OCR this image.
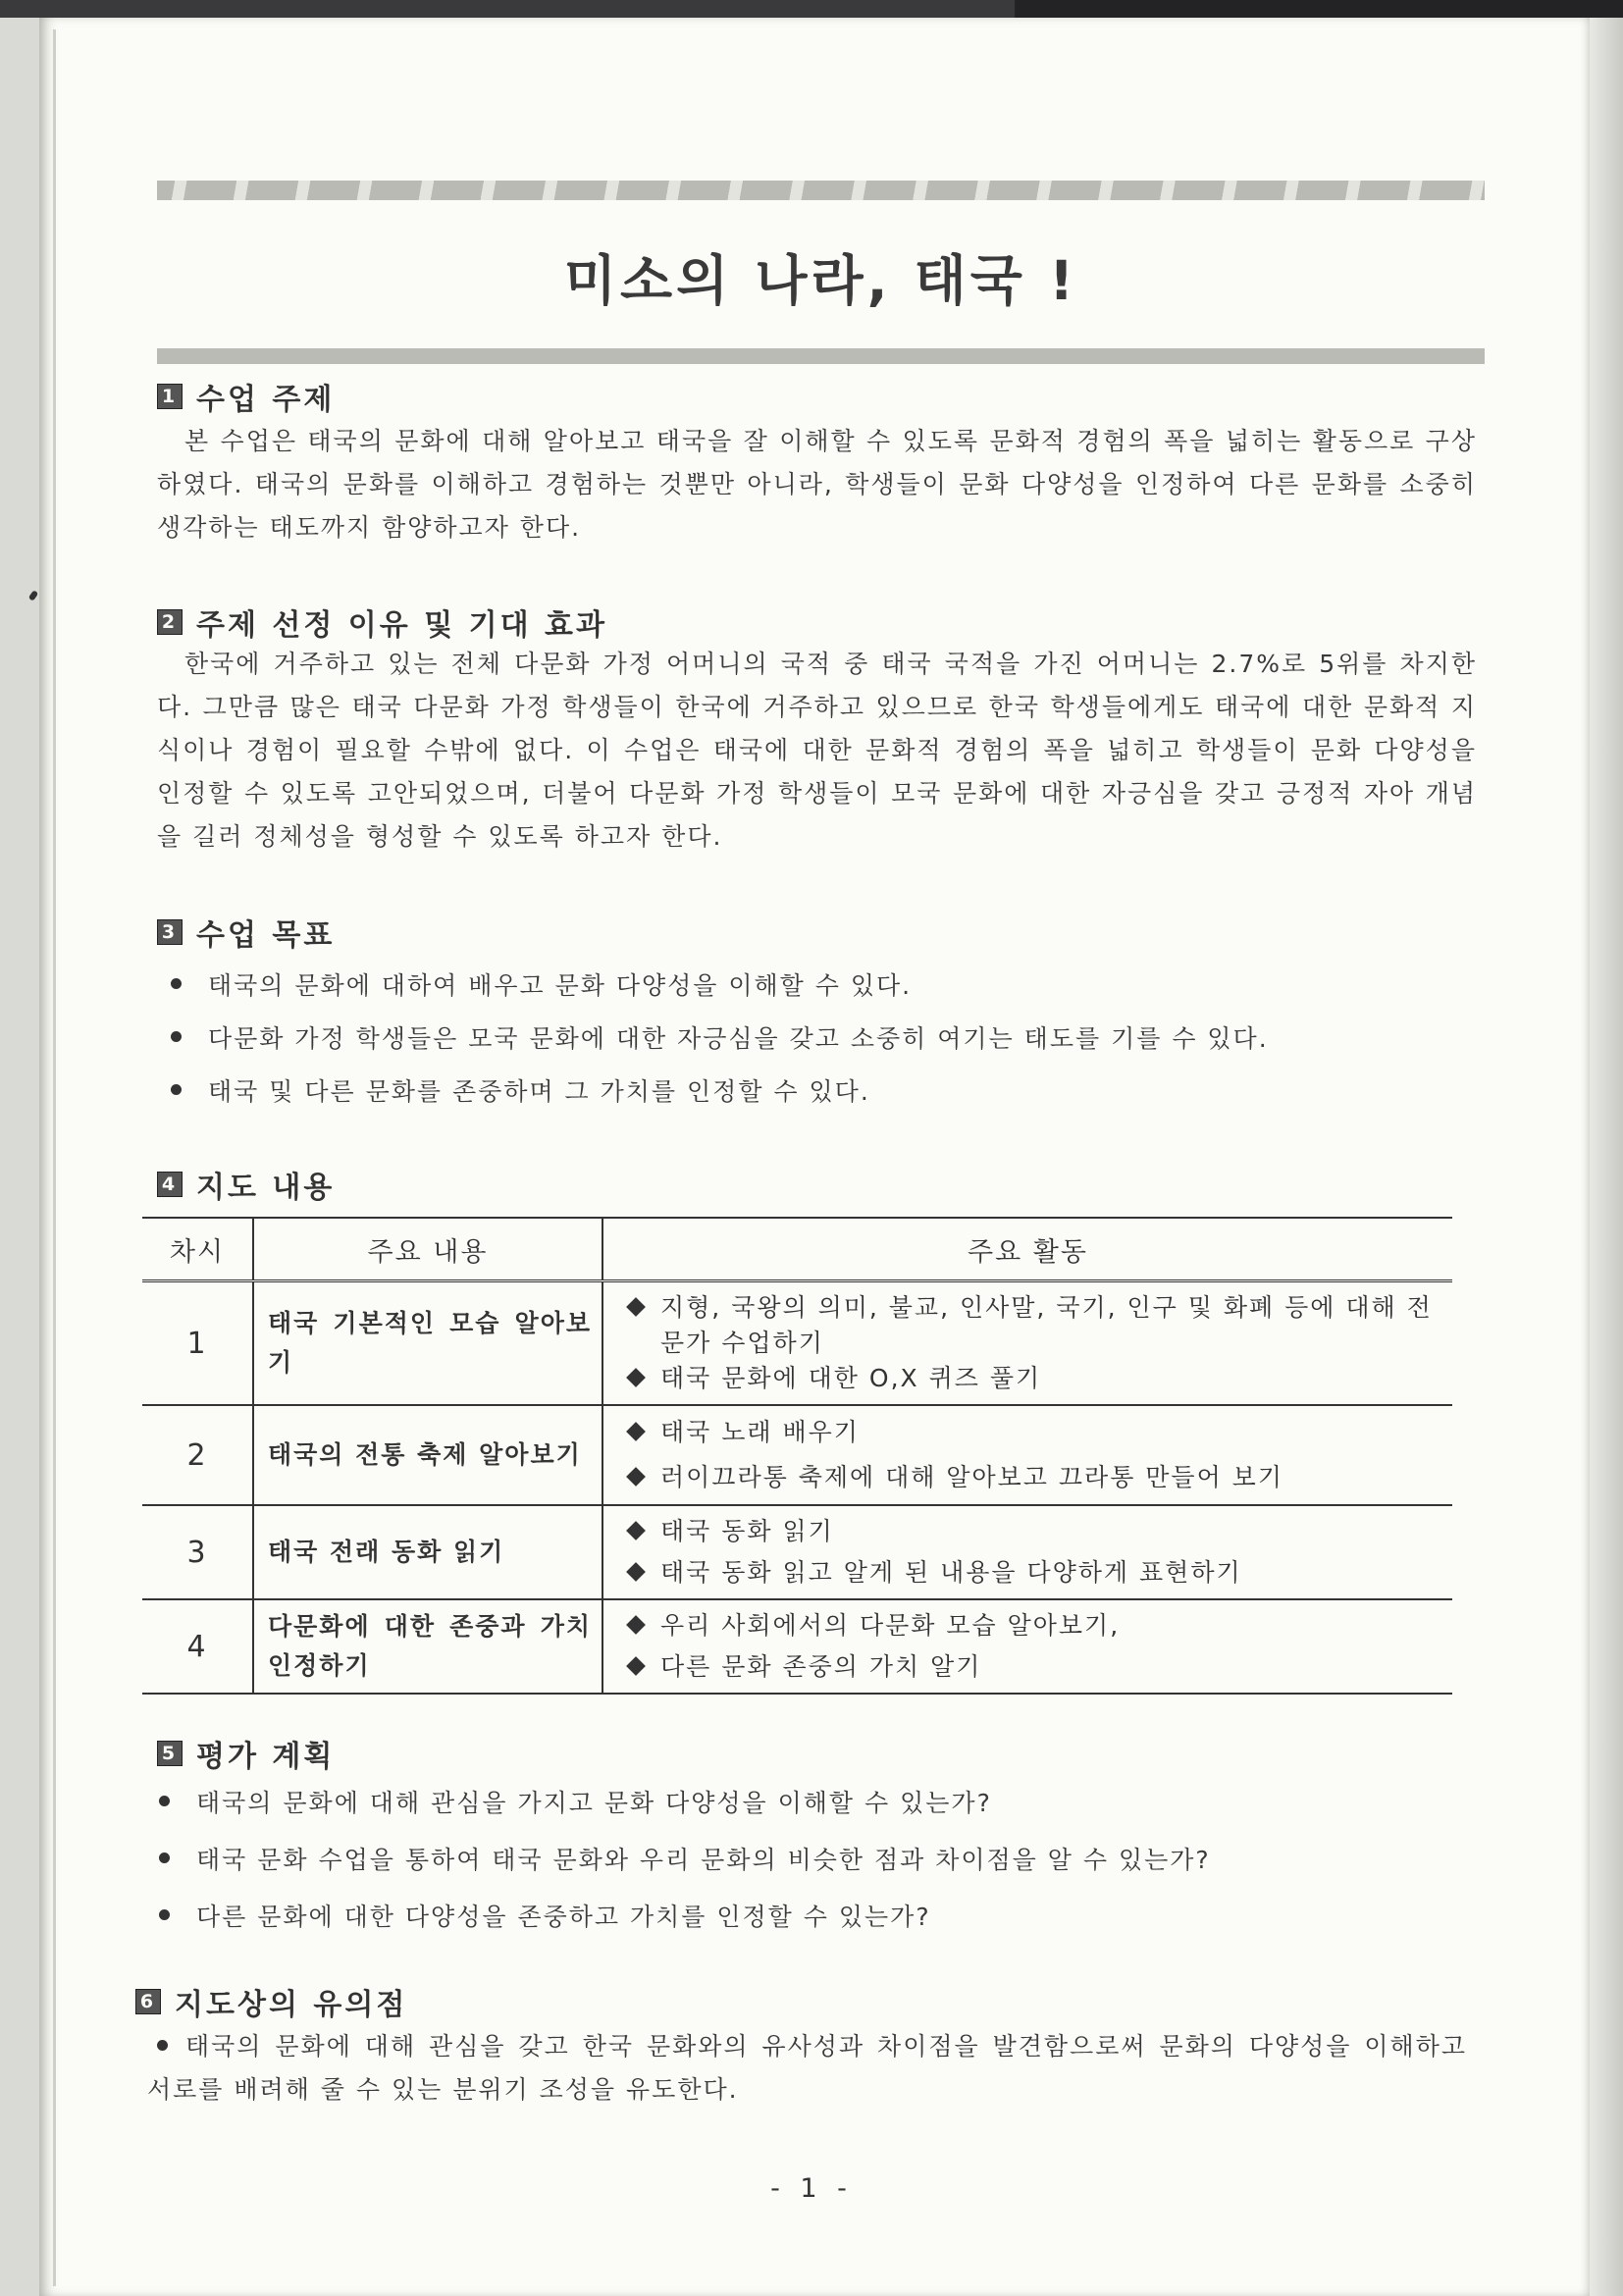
미소의 나라, 태국 !
1 수업 주제
본 수업은 태국의 문화에 대해 알아보고 태국을 잘 이해할 수 있도록 문화적 경험의 폭을 넓히는 활동으로 구상하였다. 태국의 문화를 이해하고 경험하는 것뿐만 아니라, 학생들이 문화 다양성을 인정하여 다른 문화를 소중히 생각하는 태도까지 함양하고자 한다.
2 주제 선정 이유 및 기대 효과
한국에 거주하고 있는 전체 다문화 가정 어머니의 국적 중 태국 국적을 가진 어머니는 2.7%로 5위를 차지한다. 그만큼 많은 태국 다문화 가정 학생들이 한국에 거주하고 있으므로 한국 학생들에게도 태국에 대한 문화적 지식이나 경험이 필요할 수밖에 없다. 이 수업은 태국에 대한 문화적 경험의 폭을 넓히고 학생들이 문화 다양성을 인정할 수 있도록 고안되었으며, 더불어 다문화 가정 학생들이 모국 문화에 대한 자긍심을 갖고 긍정적 자아 개념을 길러 정체성을 형성할 수 있도록 하고자 한다.
3 수업 목표
태국의 문화에 대하여 배우고 문화 다양성을 이해할 수 있다.
다문화 가정 학생들은 모국 문화에 대한 자긍심을 갖고 소중히 여기는 태도를 기를 수 있다.
태국 및 다른 문화를 존중하며 그 가치를 인정할 수 있다.
4 지도 내용
차시	주요 내용	주요 활동
1	태국 기본적인 모습 알아보기	지형, 국왕의 의미, 불교, 인사말, 국기, 인구 및 화폐 등에 대해 전문가 수업하기
태국 문화에 대한 O,X 퀴즈 풀기

2	태국의 전통 축제 알아보기	태국 노래 배우기
러이끄라통 축제에 대해 알아보고 끄라통 만들어 보기

3	태국 전래 동화 읽기	태국 동화 읽기
태국 동화 읽고 알게 된 내용을 다양하게 표현하기

4	다문화에 대한 존중과 가치 인정하기	우리 사회에서의 다문화 모습 알아보기,
다른 문화 존중의 가치 알기
5 평가 계획
태국의 문화에 대해 관심을 가지고 문화 다양성을 이해할 수 있는가?
태국 문화 수업을 통하여 태국 문화와 우리 문화의 비슷한 점과 차이점을 알 수 있는가?
다른 문화에 대한 다양성을 존중하고 가치를 인정할 수 있는가?
6 지도상의 유의점
태국의 문화에 대해 관심을 갖고 한국 문화와의 유사성과 차이점을 발견함으로써 문화의 다양성을 이해하고 서로를 배려해 줄 수 있는 분위기 조성을 유도한다.
- 1 -
